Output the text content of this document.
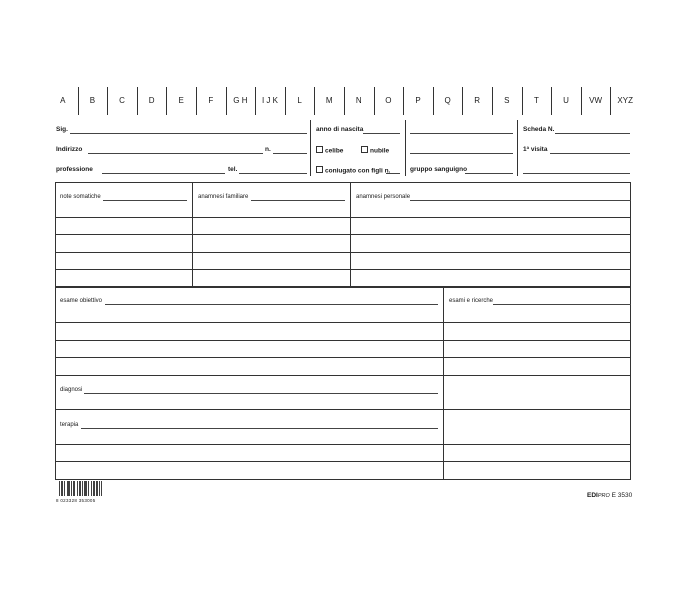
A	B	C	D	E	F	G H	I J K	L	M	N	O	P	Q	R	S	T	U	VW	XYZ
Sig.
Indirizzo	n.
professione	tel.
anno di nascita
celibe	nubile
coniugato con figli n.	gruppo sanguigno
Scheda N.
1ª visita
note somatiche	anamnesi familiare	anamnesi personale
esame obiettivo	esami e ricerche
diagnosi
terapia
8 023328 353005
EDIPRO E 3530
